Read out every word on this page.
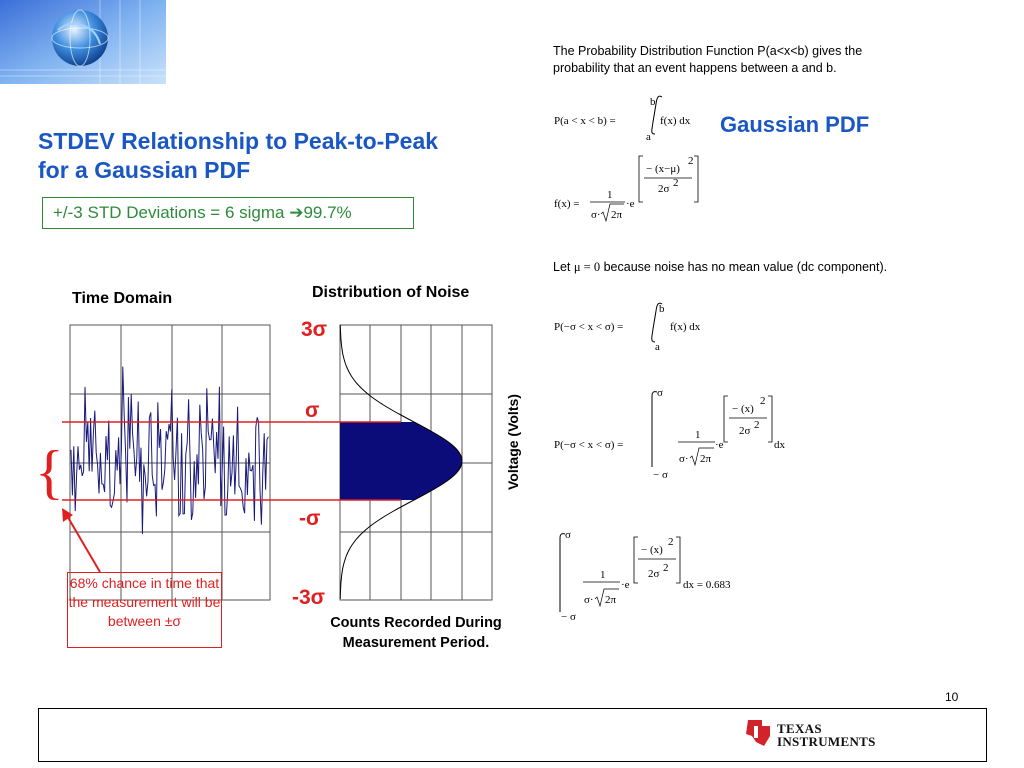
STDEV Relationship to Peak-to-Peak
for a Gaussian PDF
+/-3 STD Deviations = 6 sigma ➔99.7%
The Probability Distribution Function P(a<x<b) gives the probability that an event happens between a and b.
Gaussian PDF
Let μ = 0 because noise has no mean value (dc component).
P(a < x < b) =
b
a
f(x) dx
f(x) =
1
σ· 2π
·e
− (x−μ)
2
2σ 2
P(−σ < x < σ) =
b
a
f(x) dx
P(−σ < x < σ) =
σ
− σ
1
σ· 2π
·e
− (x)
2
2σ 2
dx
σ
− σ
1
σ· 2π
·e
− (x)
2
2σ 2
dx = 0.683
Time Domain	Distribution of Noise
3σ
σ
-σ
-3σ
Voltage (Volts)
{
68% chance in time that the measurement will be between ±σ	Counts Recorded During Measurement Period.
10
TEXAS
INSTRUMENTS
